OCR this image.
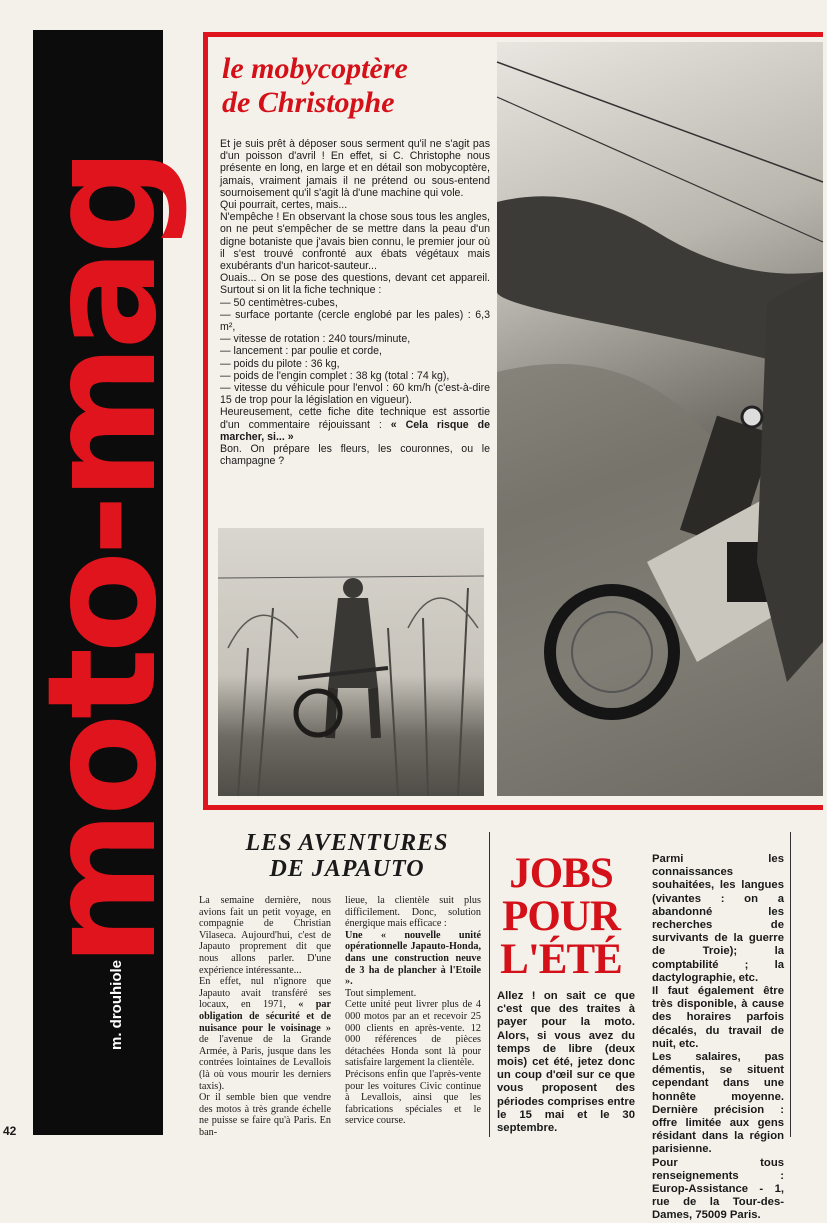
moto-mag
m. drouhiole
le mobycoptère
de Christophe

Et je suis prêt à déposer sous serment qu'il ne s'agit pas d'un poisson d'avril ! En effet, si C. Christophe nous présente en long, en large et en détail son mobycoptère, jamais, vraiment jamais il ne prétend ou sous-entend sournoisement qu'il s'agit là d'une machine qui vole.

Qui pourrait, certes, mais...

N'empêche ! En observant la chose sous tous les angles, on ne peut s'empêcher de se mettre dans la peau d'un digne botaniste que j'avais bien connu, le premier jour où il s'est trouvé confronté aux ébats végétaux mais exubérants d'un haricot-sauteur...

Ouais... On se pose des questions, devant cet appareil. Surtout si on lit la fiche technique :

— 50 centimètres-cubes,

— surface portante (cercle englobé par les pales) : 6,3 m²,

— vitesse de rotation : 240 tours/minute,

— lancement : par poulie et corde,

— poids du pilote : 36 kg,

— poids de l'engin complet : 38 kg (total : 74 kg),

— vitesse du véhicule pour l'envol : 60 km/h (c'est-à-dire 15 de trop pour la législation en vigueur).

Heureusement, cette fiche dite technique est assortie d'un commentaire réjouissant : « Cela risque de marcher, si... »

Bon. On prépare les fleurs, les couronnes, ou le champagne ?

LES AVENTURES
DE JAPAUTO

La semaine dernière, nous avions fait un petit voyage, en compagnie de Christian Vilaseca. Aujourd'hui, c'est de Japauto proprement dit que nous allons parler. D'une expérience intéressante...

En effet, nul n'ignore que Japauto avait transféré ses locaux, en 1971, « par obligation de sécurité et de nuisance pour le voisinage » de l'avenue de la Grande Armée, à Paris, jusque dans les contrées lointaines de Levallois (là où vous mourir les derniers taxis).

Or il semble bien que vendre des motos à très grande échelle ne puisse se faire qu'à Paris. En ban-

lieue, la clientèle suit plus difficilement. Donc, solution énergique mais efficace :

Une « nouvelle unité opérationnelle Japauto-Honda, dans une construction neuve de 3 ha de plancher à l'Etoile ».

Tout simplement.

Cette unité peut livrer plus de 4 000 motos par an et recevoir 25 000 clients en après-vente. 12 000 références de pièces détachées Honda sont là pour satisfaire largement la clientèle.

Précisons enfin que l'après-vente pour les voitures Civic continue à Levallois, ainsi que les fabrications spéciales et le service course.

JOBS
POUR
L'ÉTÉ

Allez ! on sait ce que c'est que des traites à payer pour la moto. Alors, si vous avez du temps de libre (deux mois) cet été, jetez donc un coup d'œil sur ce que vous proposent des périodes comprises entre le 15 mai et le 30 septembre.

Parmi les connaissances souhaitées, les langues (vivantes : on a abandonné les recherches de survivants de la guerre de Troie); la comptabilité ; la dactylographie, etc.

Il faut également être très disponible, à cause des horaires parfois décalés, du travail de nuit, etc.

Les salaires, pas démentis, se situent cependant dans une honnête moyenne. Dernière précision : offre limitée aux gens résidant dans la région parisienne.

Pour tous renseignements : Europ-Assistance - 1, rue de la Tour-des-Dames, 75009 Paris.

42
